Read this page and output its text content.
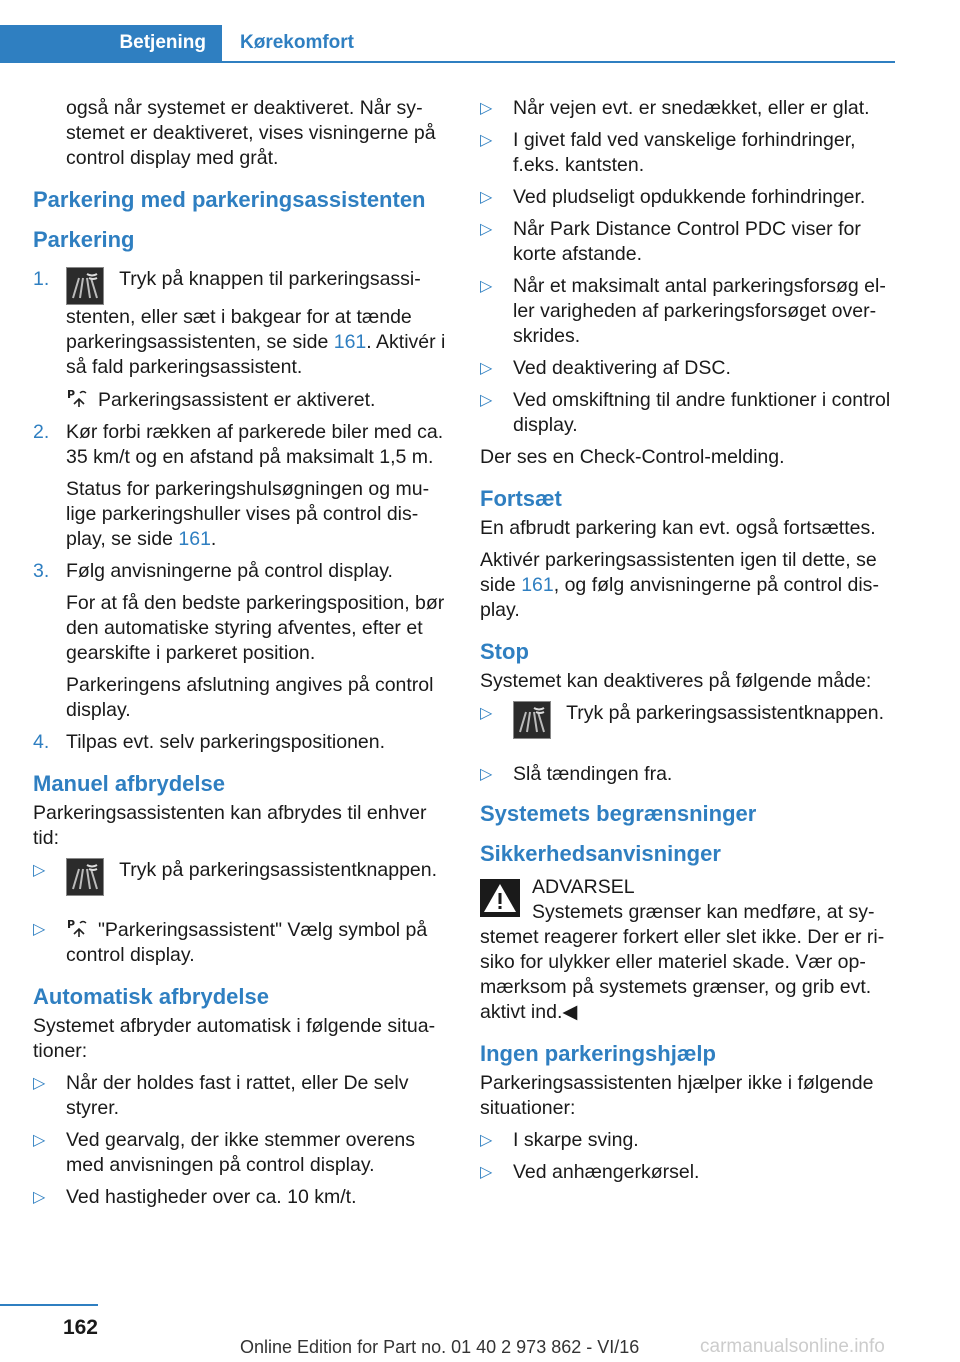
Betjening	Kørekomfort

også når systemet er deaktiveret. Når systemet er deaktiveret, vises visningerne på control display med gråt.

Parkering med parkeringsassistenten
Parkering
1.	Tryk på knappen til parkeringsassistenten, eller sæt i bakgear for at tænde parkeringsassistenten, se side 161. Aktivér i så fald parkeringsassistent.

P Parkeringsassistent er aktiveret.

2. Kør forbi rækken af parkerede biler med ca. 35 km/t og en afstand på maksimalt 1,5 m.

Status for parkeringshulsøgningen og mulige parkeringshuller vises på control display, se side 161.

3. Følg anvisningerne på control display.

For at få den bedste parkeringsposition, bør den automatiske styring afventes, efter et gearskifte i parkeret position.

Parkeringens afslutning angives på control display.

4. Tilpas evt. selv parkeringspositionen.

Manuel afbrydelse

Parkeringsassistenten kan afbrydes til enhver tid:

▷	Tryk på parkeringsassistentknappen.
▷ P "Parkeringsassistent" Vælg symbol på control display.
Automatisk afbrydelse

Systemet afbryder automatisk i følgende situationer:

▷ Når der holdes fast i rattet, eller De selv styrer.
▷ Ved gearvalg, der ikke stemmer overens med anvisningen på control display.
▷ Ved hastigheder over ca. 10 km/t.
▷ Når vejen evt. er snedækket, eller er glat.
▷ I givet fald ved vanskelige forhindringer, f.eks. kantsten.
▷ Ved pludseligt opdukkende forhindringer.
▷ Når Park Distance Control PDC viser for korte afstande.
▷ Når et maksimalt antal parkeringsforsøg eller varigheden af parkeringsforsøget overskrides.
▷ Ved deaktivering af DSC.
▷ Ved omskiftning til andre funktioner i control display.

Der ses en Check-Control-melding.

Fortsæt

En afbrudt parkering kan evt. også fortsættes.

Aktivér parkeringsassistenten igen til dette, se side 161, og følg anvisningerne på control display.

Stop

Systemet kan deaktiveres på følgende måde:

▷	Tryk på parkeringsassistentknappen.
▷ Slå tændingen fra.
Systemets begrænsninger
Sikkerhedsanvisninger
ADVARSEL
Systemets grænser kan medføre, at systemet reagerer forkert eller slet ikke. Der er risiko for ulykker eller materiel skade. Vær opmærksom på systemets grænser, og grib evt. aktivt ind.◀
Ingen parkeringshjælp

Parkeringsassistenten hjælper ikke i følgende situationer:

▷ I skarpe sving.
▷ Ved anhængerkørsel.
162
Online Edition for Part no. 01 40 2 973 862 - VI/16	carmanualsonline.info
